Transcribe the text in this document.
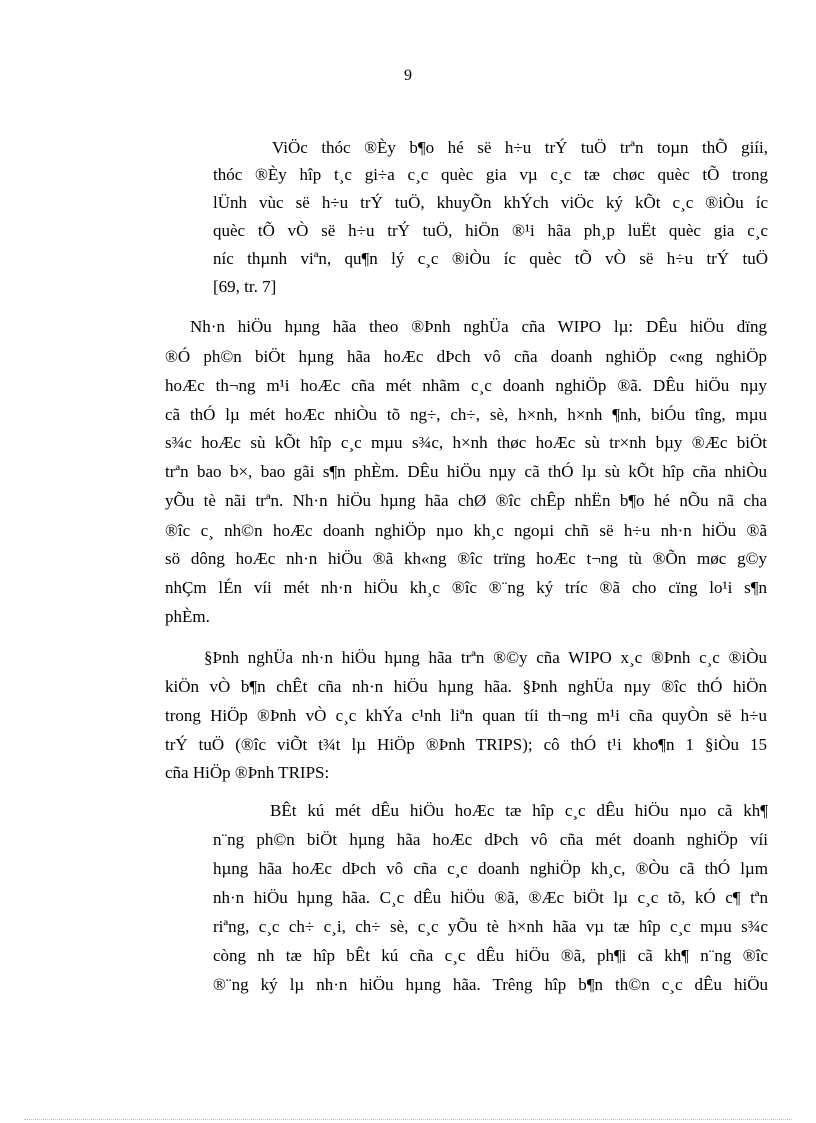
9
ViÖc thóc ®Èy b¶o hé së h÷u trÝ tuÖ trªn toµn thÕ giíi,
thóc ®Èy hîp t¸c gi÷a c¸c quèc gia vµ c¸c tæ chøc quèc tÕ trong
lÜnh vùc së h÷u trÝ tuÖ, khuyÕn khÝch viÖc ký kÕt c¸c ®iÒu íc
quèc tÕ vÒ së h÷u trÝ tuÖ, hiÖn ®¹i hãa ph¸p luËt quèc gia c¸c
níc thµnh viªn, qu¶n lý c¸c ®iÒu íc quèc tÕ vÒ së h÷u trÝ tuÖ
[69, tr. 7]
Nh·n hiÖu hµng hãa theo ®Þnh nghÜa cña WIPO lµ: DÊu hiÖu dïng
®Ó ph©n biÖt hµng hãa hoÆc dÞch vô cña doanh nghiÖp c«ng nghiÖp
hoÆc th¬ng m¹i hoÆc cña mét nhãm c¸c doanh nghiÖp ®ã. DÊu hiÖu nµy
cã thÓ lµ mét hoÆc nhiÒu tõ ng÷, ch÷, sè, h×nh, h×nh ¶nh, biÓu tîng, mµu
s¾c hoÆc sù kÕt hîp c¸c mµu s¾c, h×nh thøc hoÆc sù tr×nh bµy ®Æc biÖt
trªn bao b×, bao gãi s¶n phÈm. DÊu hiÖu nµy cã thÓ lµ sù kÕt hîp cña nhiÒu
yÕu tè nãi trªn. Nh·n hiÖu hµng hãa chØ ®îc chÊp nhËn b¶o hé nÕu nã cha
®îc c¸ nh©n hoÆc doanh nghiÖp nµo kh¸c ngoµi chñ së h÷u nh·n hiÖu ®ã
sö dông hoÆc nh·n hiÖu ®ã kh«ng ®îc trïng hoÆc t¬ng tù ®Õn møc g©y
nhÇm lÉn víi mét nh·n hiÖu kh¸c ®îc ®¨ng ký tríc ®ã cho cïng lo¹i s¶n
phÈm.
§Þnh nghÜa nh·n hiÖu hµng hãa trªn ®©y cña WIPO x¸c ®Þnh c¸c ®iÒu
kiÖn vÒ b¶n chÊt cña nh·n hiÖu hµng hãa. §Þnh nghÜa nµy ®îc thÓ hiÖn
trong HiÖp ®Þnh vÒ c¸c khÝa c¹nh liªn quan tíi th¬ng m¹i cña quyÒn së h÷u
trÝ tuÖ (®îc viÕt t¾t lµ HiÖp ®Þnh TRIPS); cô thÓ t¹i kho¶n 1 §iÒu 15
cña HiÖp ®Þnh TRIPS:
BÊt kú mét dÊu hiÖu hoÆc tæ hîp c¸c dÊu hiÖu nµo cã kh¶
n¨ng ph©n biÖt hµng hãa hoÆc dÞch vô cña mét doanh nghiÖp víi
hµng hãa hoÆc dÞch vô cña c¸c doanh nghiÖp kh¸c, ®Òu cã thÓ lµm
nh·n hiÖu hµng hãa. C¸c dÊu hiÖu ®ã, ®Æc biÖt lµ c¸c tõ, kÓ c¶ tªn
riªng, c¸c ch÷ c¸i, ch÷ sè, c¸c yÕu tè h×nh hãa vµ tæ hîp c¸c mµu s¾c
còng nh tæ hîp bÊt kú cña c¸c dÊu hiÖu ®ã, ph¶i cã kh¶ n¨ng ®îc
®¨ng ký lµ nh·n hiÖu hµng hãa. Trêng hîp b¶n th©n c¸c dÊu hiÖu
